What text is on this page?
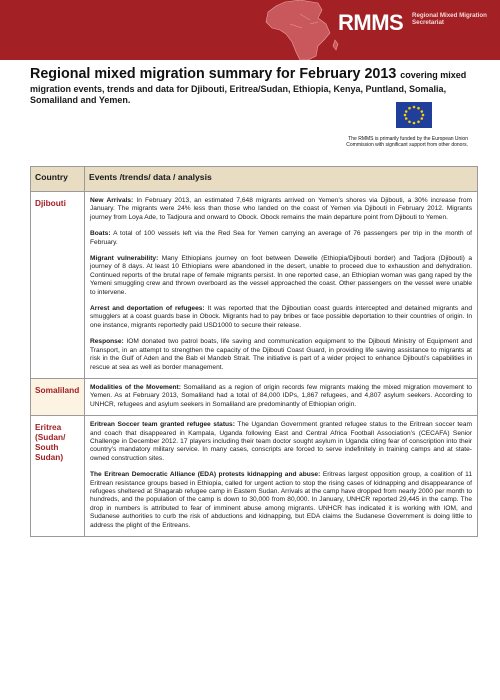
RMMS Regional Mixed Migration Secretariat
Regional mixed migration summary for February 2013 covering mixed
migration events, trends and data for Djibouti, Eritrea/Sudan, Ethiopia, Kenya, Puntland, Somalia, Somaliland and Yemen.
The RMMS is primarily funded by the European Union Commission with significant support from other donors.
Country	Events /trends/ data / analysis
Djibouti	New Arrivals: In February 2013, an estimated 7,648 migrants arrived on Yemen’s shores via Djibouti, a 30% increase from January. The migrants were 24% less than those who landed on the coast of Yemen via Djibouti in February 2012. Migrants journey from Loya Ade, to Tadjoura and onward to Obock. Obock remains the main departure point from Djibouti to Yemen.

Boats: A total of 100 vessels left via the Red Sea for Yemen carrying an average of 76 passengers per trip in the month of February.

Migrant vulnerability: Many Ethiopians journey on foot between Dewelle (Ethiopia/Djibouti border) and Tadjora (Djibouti) a journey of 8 days. At least 10 Ethiopians were abandoned in the desert, unable to proceed due to exhaustion and dehydration. Continued reports of the brutal rape of female migrants persist. In one reported case, an Ethiopian woman was gang raped by the Yemeni smuggling crew and thrown overboard as the vessel approached the coast. Other passengers on the vessel were unable to intervene.

Arrest and deportation of refugees: It was reported that the Djiboutian coast guards intercepted and detained migrants and smugglers at a coast guards base in Obock. Migrants had to pay bribes or face possible deportation to their countries of origin. In one instance, migrants reportedly paid USD1000 to secure their release.

Response: IOM donated two patrol boats, life saving and communication equipment to the Djibouti Ministry of Equipment and Transport, in an attempt to strengthen the capacity of the Djibouti Coast Guard, in providing life saving assistance to migrants at risk in the Gulf of Aden and the Bab el Mandeb Strait. The initiative is part of a wider project to enhance Djibouti’s capabilities in rescue at sea as well as border management.

Somaliland	Modalities of the Movement: Somaliland as a region of origin records few migrants making the mixed migration movement to Yemen. As at February 2013, Somaliland had a total of 84,000 IDPs, 1,867 refugees, and 4,807 asylum seekers. According to UNHCR, refugees and asylum seekers in Somaliland are predominantly of Ethiopian origin.

Eritrea (Sudan/ South Sudan)	Eritrean Soccer team granted refugee status: The Ugandan Government granted refugee status to the Eritrean soccer team and coach that disappeared in Kampala, Uganda following East and Central Africa Football Association’s (CECAFA) Senior Challenge in December 2012. 17 players including their team doctor sought asylum in Uganda citing fear of conscription into their country’s mandatory military service. In many cases, conscripts are forced to serve indefinitely in training camps and at state-owned construction sites.

The Eritrean Democratic Alliance (EDA) protests kidnapping and abuse: Eritreas largest opposition group, a coalition of 11 Eritrean resistance groups based in Ethiopia, called for urgent action to stop the rising cases of kidnapping and disappearance of refugees sheltered at Shagarab refugee camp in Eastern Sudan. Arrivals at the camp have dropped from nearly 2000 per month to hundreds, and the population of the camp is down to 30,000 from 80,000. In January, UNHCR reported 29,445 in the camp. The drop in numbers is attributed to fear of imminent abuse among migrants. UNHCR has indicated it is working with IOM, and Sudanese authorities to curb the risk of abductions and kidnapping, but EDA claims the Sudanese Government is doing little to address the plight of the Eritreans.
